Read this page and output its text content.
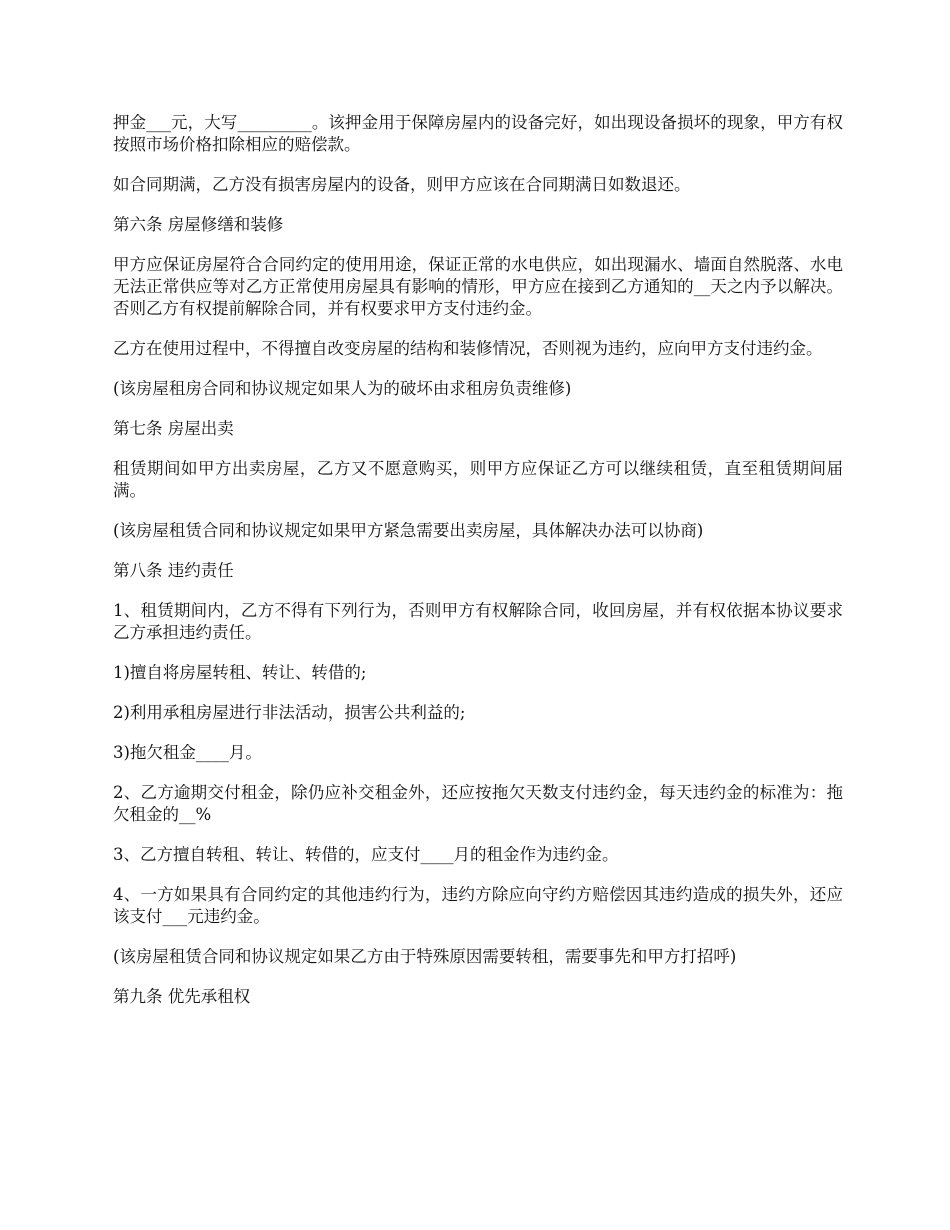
押金___元，大写_________。该押金用于保障房屋内的设备完好，如出现设备损坏的现象，甲方有权按照市场价格扣除相应的赔偿款。

如合同期满，乙方没有损害房屋内的设备，则甲方应该在合同期满日如数退还。

第六条 房屋修缮和装修

甲方应保证房屋符合合同约定的使用用途，保证正常的水电供应，如出现漏水、墙面自然脱落、水电无法正常供应等对乙方正常使用房屋具有影响的情形，甲方应在接到乙方通知的__天之内予以解决。否则乙方有权提前解除合同，并有权要求甲方支付违约金。

乙方在使用过程中，不得擅自改变房屋的结构和装修情况，否则视为违约，应向甲方支付违约金。

(该房屋租房合同和协议规定如果人为的破坏由求租房负责维修)

第七条 房屋出卖

租赁期间如甲方出卖房屋，乙方又不愿意购买，则甲方应保证乙方可以继续租赁，直至租赁期间届满。

(该房屋租赁合同和协议规定如果甲方紧急需要出卖房屋，具体解决办法可以协商)

第八条 违约责任

1、租赁期间内，乙方不得有下列行为，否则甲方有权解除合同，收回房屋，并有权依据本协议要求乙方承担违约责任。

1)擅自将房屋转租、转让、转借的;

2)利用承租房屋进行非法活动，损害公共利益的;

3)拖欠租金____月。

2、乙方逾期交付租金，除仍应补交租金外，还应按拖欠天数支付违约金，每天违约金的标准为：拖欠租金的__%

3、乙方擅自转租、转让、转借的，应支付____月的租金作为违约金。

4、一方如果具有合同约定的其他违约行为，违约方除应向守约方赔偿因其违约造成的损失外，还应该支付___元违约金。

(该房屋租赁合同和协议规定如果乙方由于特殊原因需要转租，需要事先和甲方打招呼)

第九条 优先承租权
